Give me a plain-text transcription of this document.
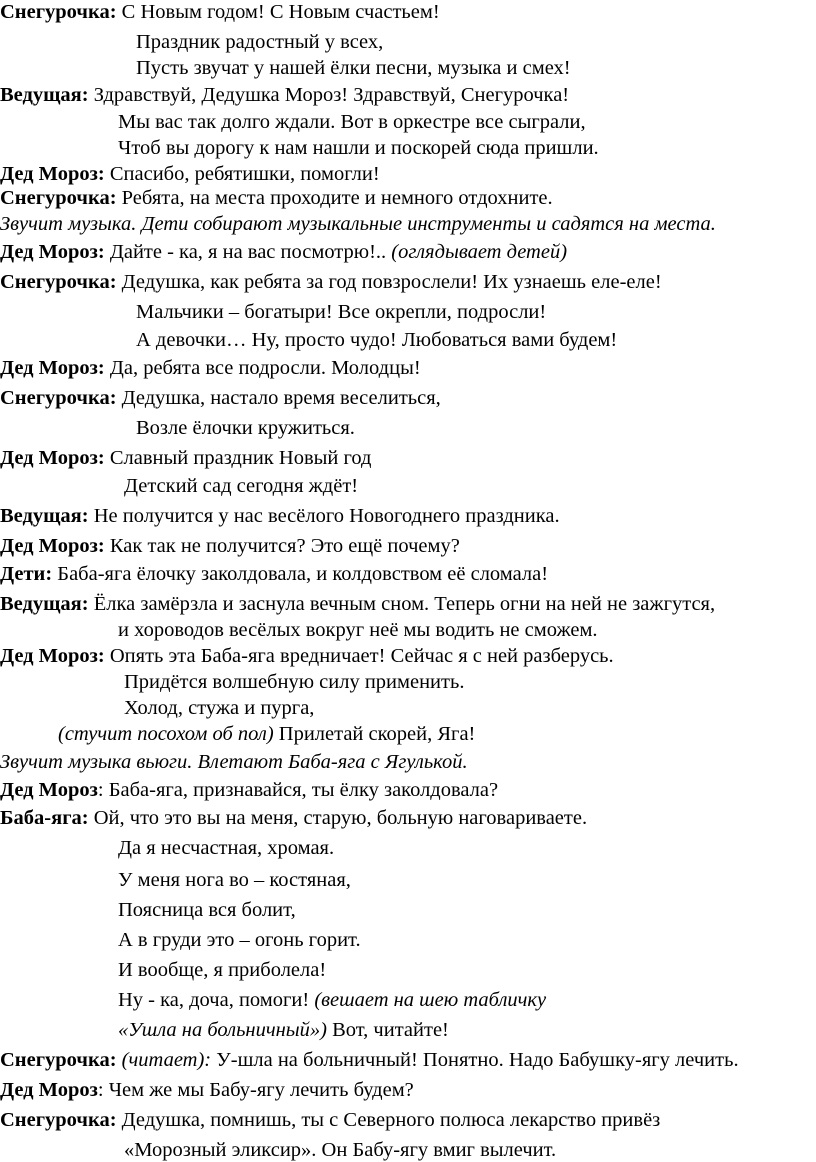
Снегурочка: С Новым годом! С Новым счастьем!
Праздник радостный у всех,
Пусть звучат у нашей ёлки песни, музыка и смех!
Ведущая: Здравствуй, Дедушка Мороз! Здравствуй, Снегурочка!
Мы вас так долго ждали. Вот в оркестре все сыграли,
Чтоб вы дорогу к нам нашли и поскорей сюда пришли.
Дед Мороз: Спасибо, ребятишки, помогли!
Снегурочка: Ребята, на места проходите и немного отдохните.
Звучит музыка. Дети собирают музыкальные инструменты и садятся на места.
Дед Мороз: Дайте - ка, я на вас посмотрю!.. (оглядывает детей)
Снегурочка: Дедушка, как ребята за год повзрослели! Их узнаешь еле-еле!
Мальчики – богатыри! Все окрепли, подросли!
А девочки… Ну, просто чудо! Любоваться вами будем!
Дед Мороз: Да, ребята все подросли. Молодцы!
Снегурочка: Дедушка, настало время веселиться,
Возле ёлочки кружиться.
Дед Мороз: Славный праздник Новый год
Детский сад сегодня ждёт!
Ведущая: Не получится у нас весёлого Новогоднего праздника.
Дед Мороз: Как так не получится? Это ещё почему?
Дети: Баба-яга ёлочку заколдовала, и колдовством её сломала!
Ведущая: Ёлка замёрзла и заснула вечным сном. Теперь огни на ней не зажгутся,
и хороводов весёлых вокруг неё мы водить не сможем.
Дед Мороз: Опять эта Баба-яга вредничает! Сейчас я с ней разберусь.
Придётся волшебную силу применить.
Холод, стужа и пурга,
(стучит посохом об пол) Прилетай скорей, Яга!
Звучит музыка вьюги. Влетают Баба-яга с Ягулькой.
Дед Мороз: Баба-яга, признавайся, ты ёлку заколдовала?
Баба-яга: Ой, что это вы на меня, старую, больную наговариваете.
Да я несчастная, хромая.
У меня нога во – костяная,
Поясница вся болит,
А в груди это – огонь горит.
И вообще, я приболела!
Ну - ка, доча, помоги! (вешает на шею табличку
«Ушла на больничный») Вот, читайте!
Снегурочка: (читает): У-шла на больничный! Понятно. Надо Бабушку-ягу лечить.
Дед Мороз: Чем же мы Бабу-ягу лечить будем?
Снегурочка: Дедушка, помнишь, ты с Северного полюса лекарство привёз
«Морозный эликсир». Он Бабу-ягу вмиг вылечит.
